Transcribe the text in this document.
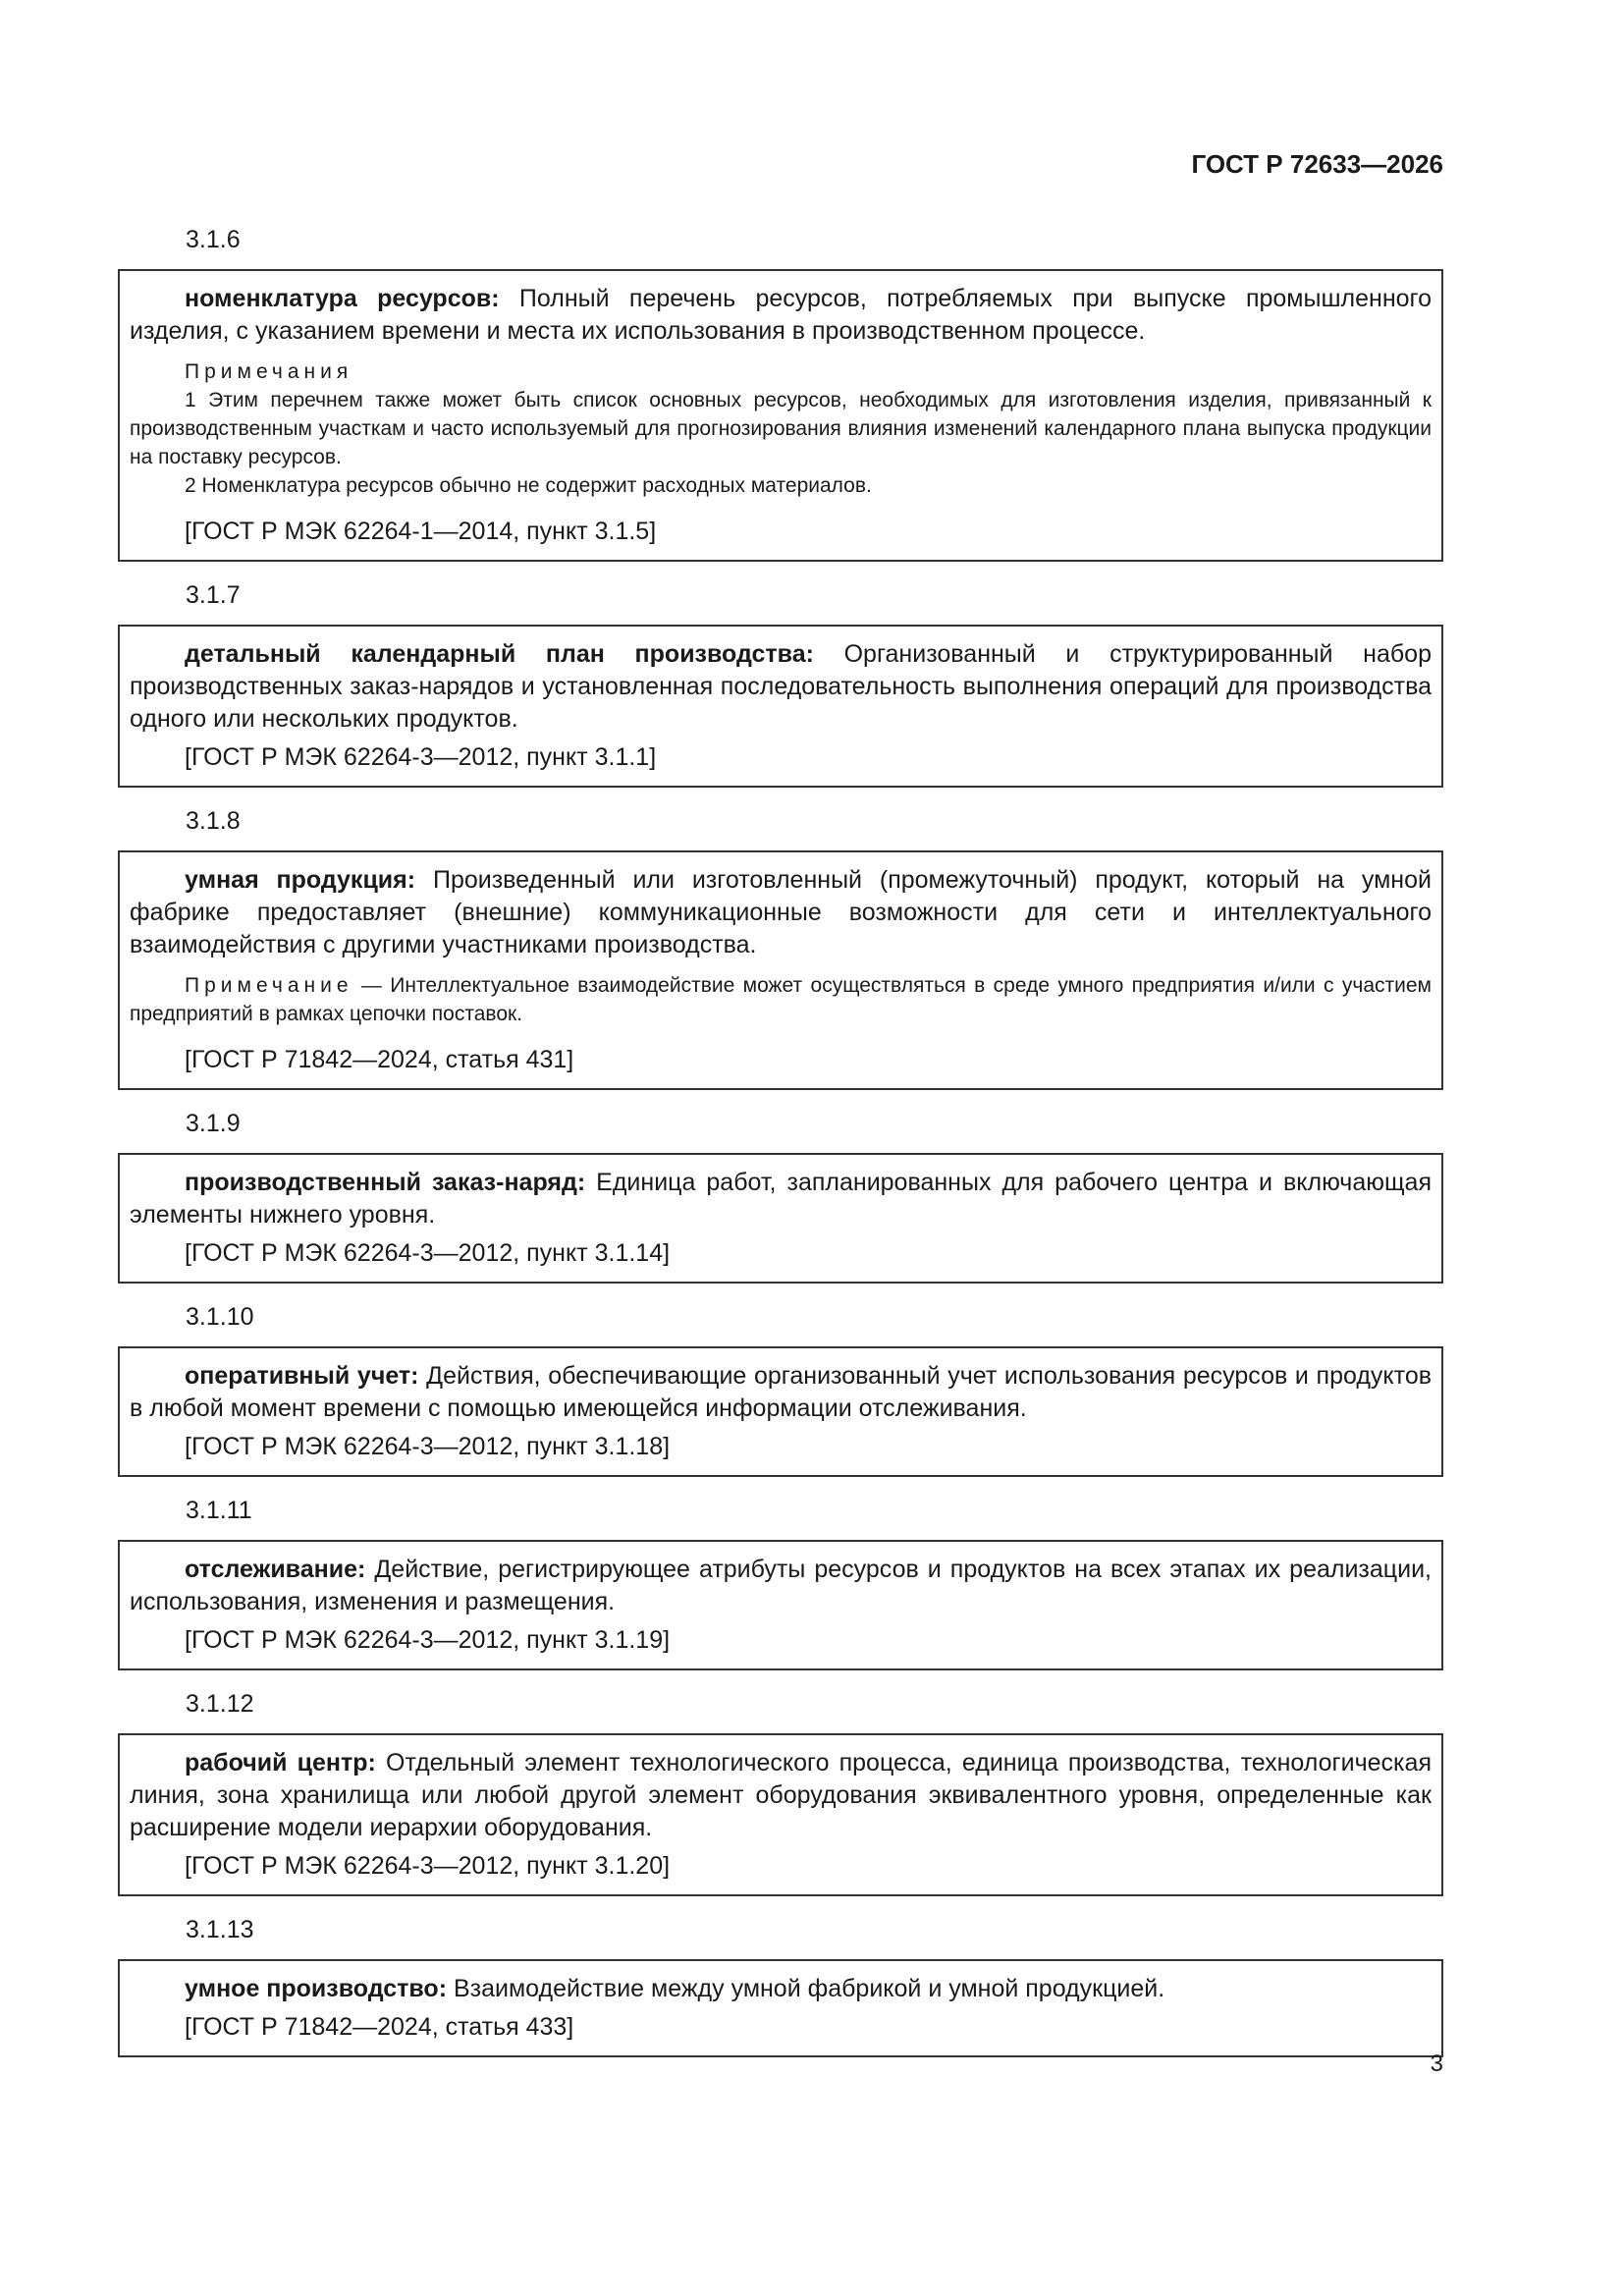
ГОСТ Р 72633—2026
3.1.6

номенклатура ресурсов: Полный перечень ресурсов, потребляемых при выпуске промышленного изделия, с указанием времени и места их использования в производственном процессе.

Примечания

1 Этим перечнем также может быть список основных ресурсов, необходимых для изготовления изделия, привязанный к производственным участкам и часто используемый для прогнозирования влияния изменений календарного плана выпуска продукции на поставку ресурсов.

2 Номенклатура ресурсов обычно не содержит расходных материалов.

[ГОСТ Р МЭК 62264-1—2014, пункт 3.1.5]

3.1.7

детальный календарный план производства: Организованный и структурированный набор производственных заказ-нарядов и установленная последовательность выполнения операций для производства одного или нескольких продуктов.

[ГОСТ Р МЭК 62264-3—2012, пункт 3.1.1]

3.1.8

умная продукция: Произведенный или изготовленный (промежуточный) продукт, который на умной фабрике предоставляет (внешние) коммуникационные возможности для сети и интеллектуального взаимодействия с другими участниками производства.

Примечание — Интеллектуальное взаимодействие может осуществляться в среде умного предприятия и/или с участием предприятий в рамках цепочки поставок.

[ГОСТ Р 71842—2024, статья 431]

3.1.9

производственный заказ-наряд: Единица работ, запланированных для рабочего центра и включающая элементы нижнего уровня.

[ГОСТ Р МЭК 62264-3—2012, пункт 3.1.14]

3.1.10

оперативный учет: Действия, обеспечивающие организованный учет использования ресурсов и продуктов в любой момент времени с помощью имеющейся информации отслеживания.

[ГОСТ Р МЭК 62264-3—2012, пункт 3.1.18]

3.1.11

отслеживание: Действие, регистрирующее атрибуты ресурсов и продуктов на всех этапах их реализации, использования, изменения и размещения.

[ГОСТ Р МЭК 62264-3—2012, пункт 3.1.19]

3.1.12

рабочий центр: Отдельный элемент технологического процесса, единица производства, технологическая линия, зона хранилища или любой другой элемент оборудования эквивалентного уровня, определенные как расширение модели иерархии оборудования.

[ГОСТ Р МЭК 62264-3—2012, пункт 3.1.20]

3.1.13

умное производство: Взаимодействие между умной фабрикой и умной продукцией.

[ГОСТ Р 71842—2024, статья 433]

3
